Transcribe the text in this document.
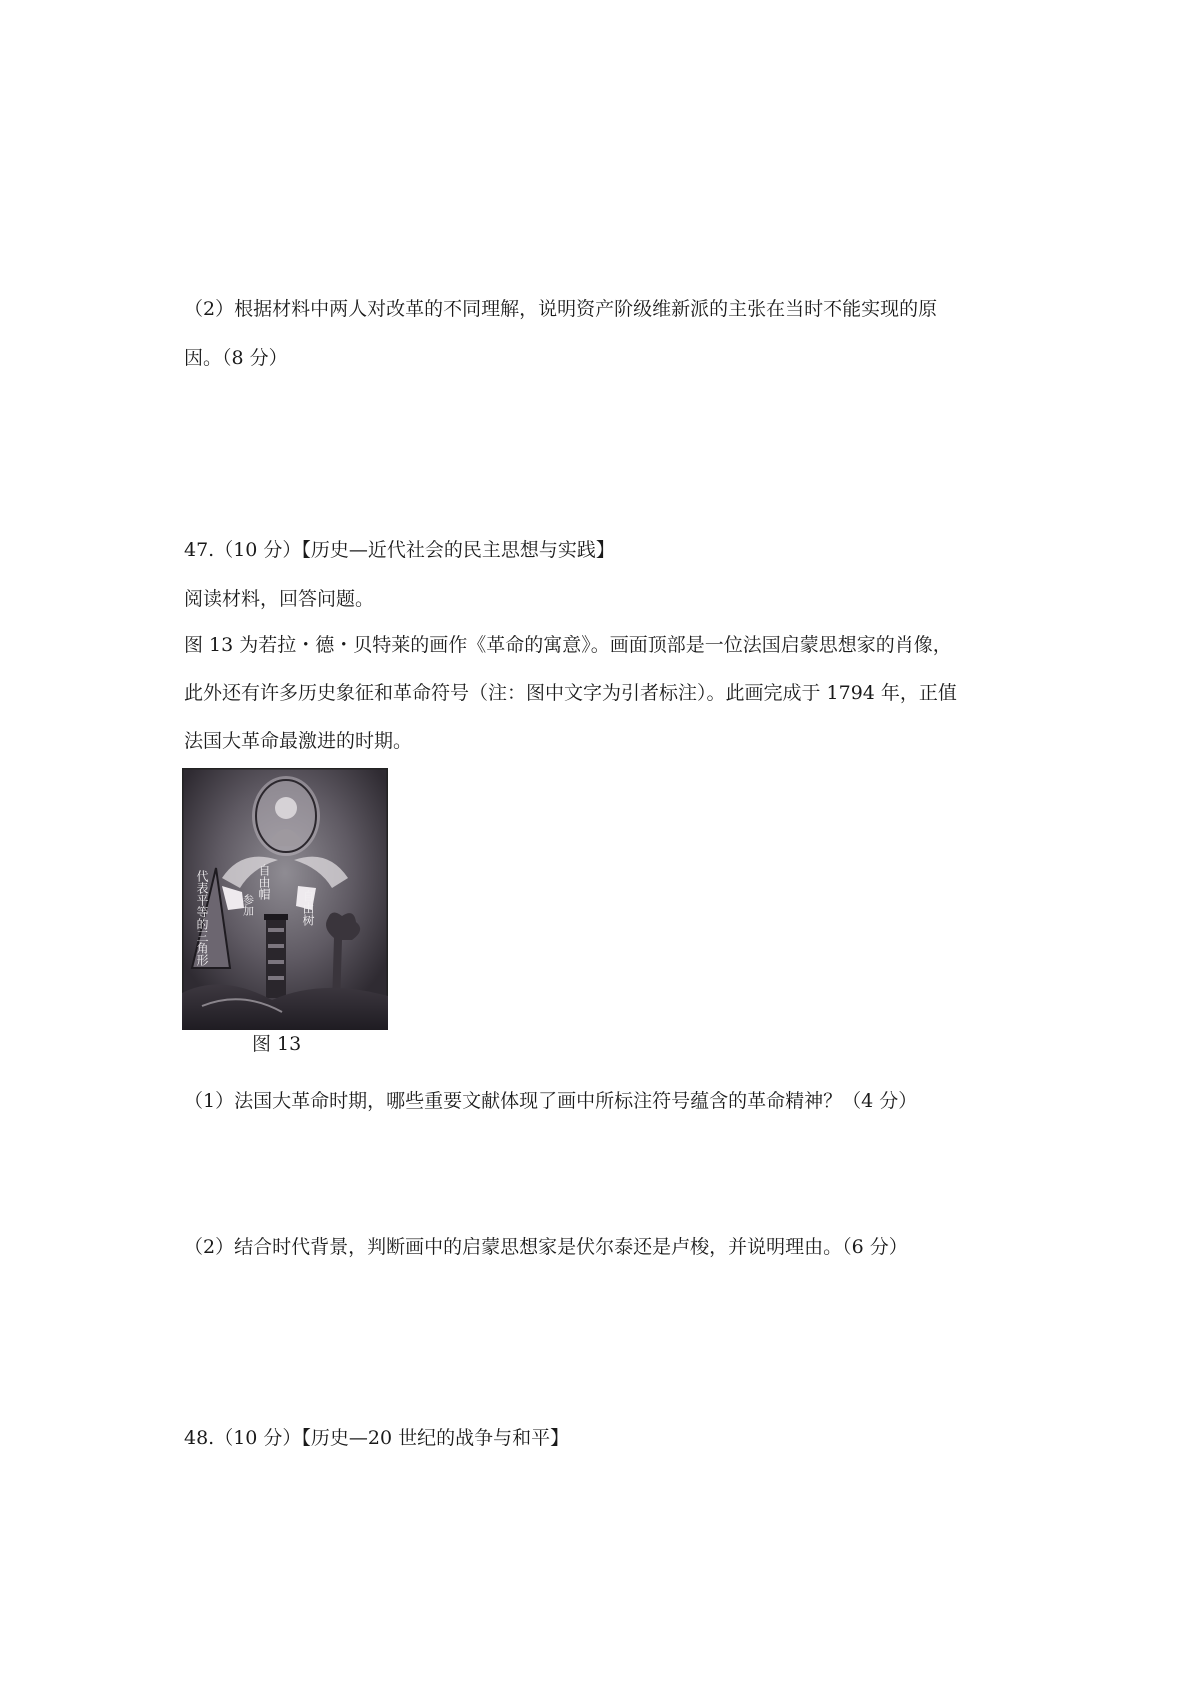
（2）根据材料中两人对改革的不同理解，说明资产阶级维新派的主张在当时不能实现的原

因。（8 分）

47.（10 分）【历史—近代社会的民主思想与实践】

阅读材料，回答问题。

图 13 为若拉・德・贝特莱的画作《革命的寓意》。画面顶部是一位法国启蒙思想家的肖像，

此外还有许多历史象征和革命符号（注：图中文字为引者标注）。此画完成于 1794 年，正值

法国大革命最激进的时期。

代表平等的三角形	自由帽
参加	自由树

图 13

（1）法国大革命时期，哪些重要文献体现了画中所标注符号蕴含的革命精神？（4 分）

（2）结合时代背景，判断画中的启蒙思想家是伏尔泰还是卢梭，并说明理由。（6 分）

48.（10 分）【历史—20 世纪的战争与和平】
